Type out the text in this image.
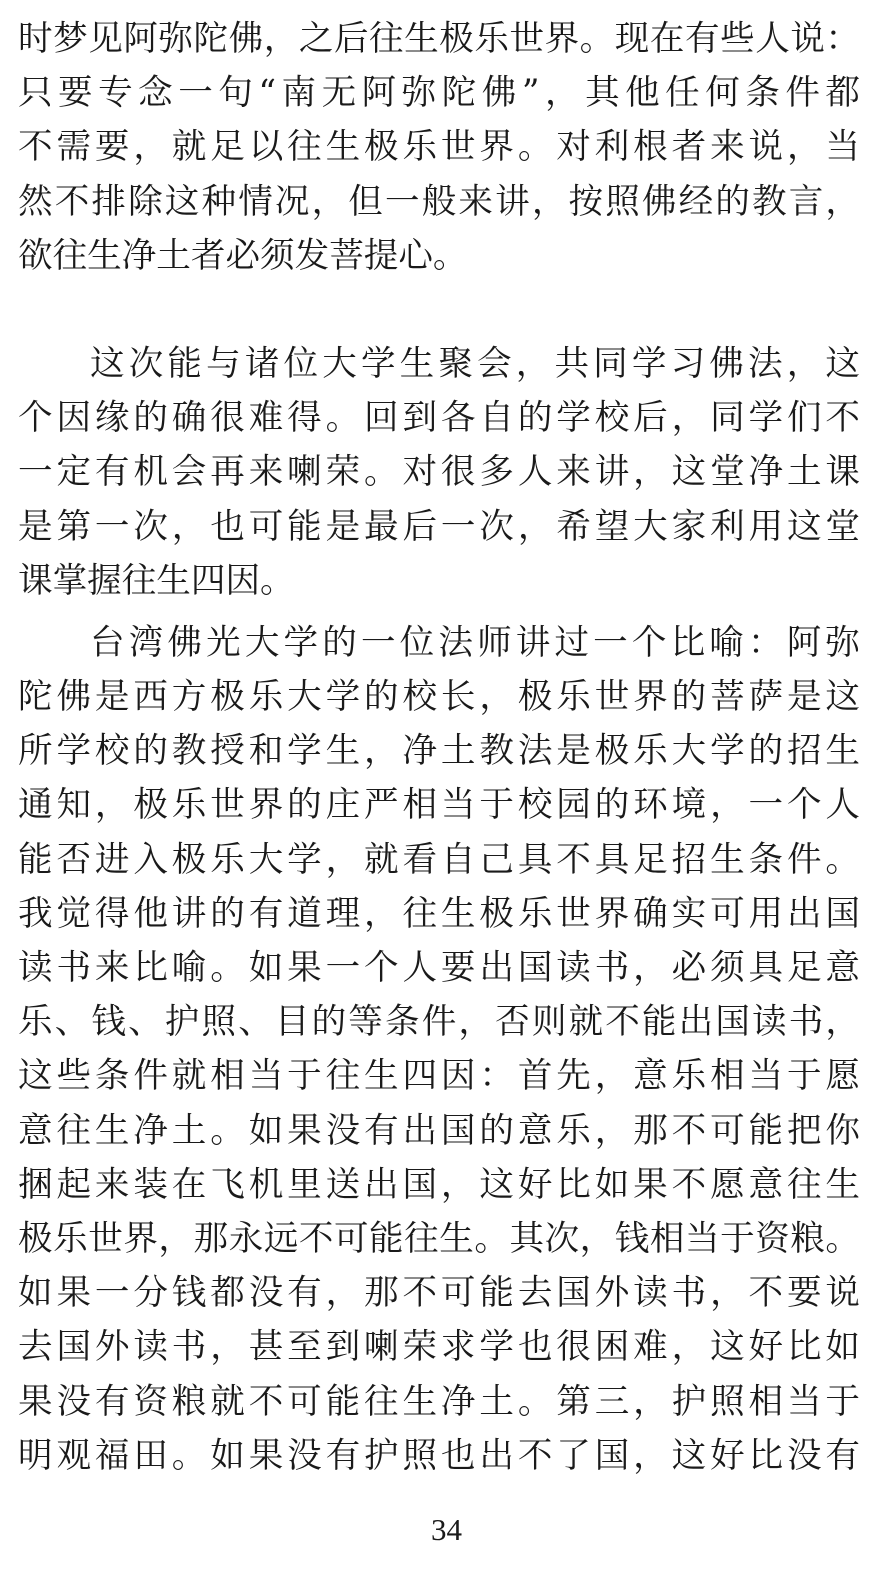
时梦见阿弥陀佛，之后往生极乐世界。现在有些人说：
只要专念一句“南无阿弥陀佛”，其他任何条件都
不需要，就足以往生极乐世界。对利根者来说，当
然不排除这种情况，但一般来讲，按照佛经的教言，
欲往生净土者必须发菩提心。
这次能与诸位大学生聚会，共同学习佛法，这
个因缘的确很难得。回到各自的学校后，同学们不
一定有机会再来喇荣。对很多人来讲，这堂净土课
是第一次，也可能是最后一次，希望大家利用这堂
课掌握往生四因。
台湾佛光大学的一位法师讲过一个比喻：阿弥
陀佛是西方极乐大学的校长，极乐世界的菩萨是这
所学校的教授和学生，净土教法是极乐大学的招生
通知，极乐世界的庄严相当于校园的环境，一个人
能否进入极乐大学，就看自己具不具足招生条件。
我觉得他讲的有道理，往生极乐世界确实可用出国
读书来比喻。如果一个人要出国读书，必须具足意
乐、钱、护照、目的等条件，否则就不能出国读书，
这些条件就相当于往生四因：首先，意乐相当于愿
意往生净土。如果没有出国的意乐，那不可能把你
捆起来装在飞机里送出国，这好比如果不愿意往生
极乐世界，那永远不可能往生。其次，钱相当于资粮。
如果一分钱都没有，那不可能去国外读书，不要说
去国外读书，甚至到喇荣求学也很困难，这好比如
果没有资粮就不可能往生净土。第三，护照相当于
明观福田。如果没有护照也出不了国，这好比没有
34
